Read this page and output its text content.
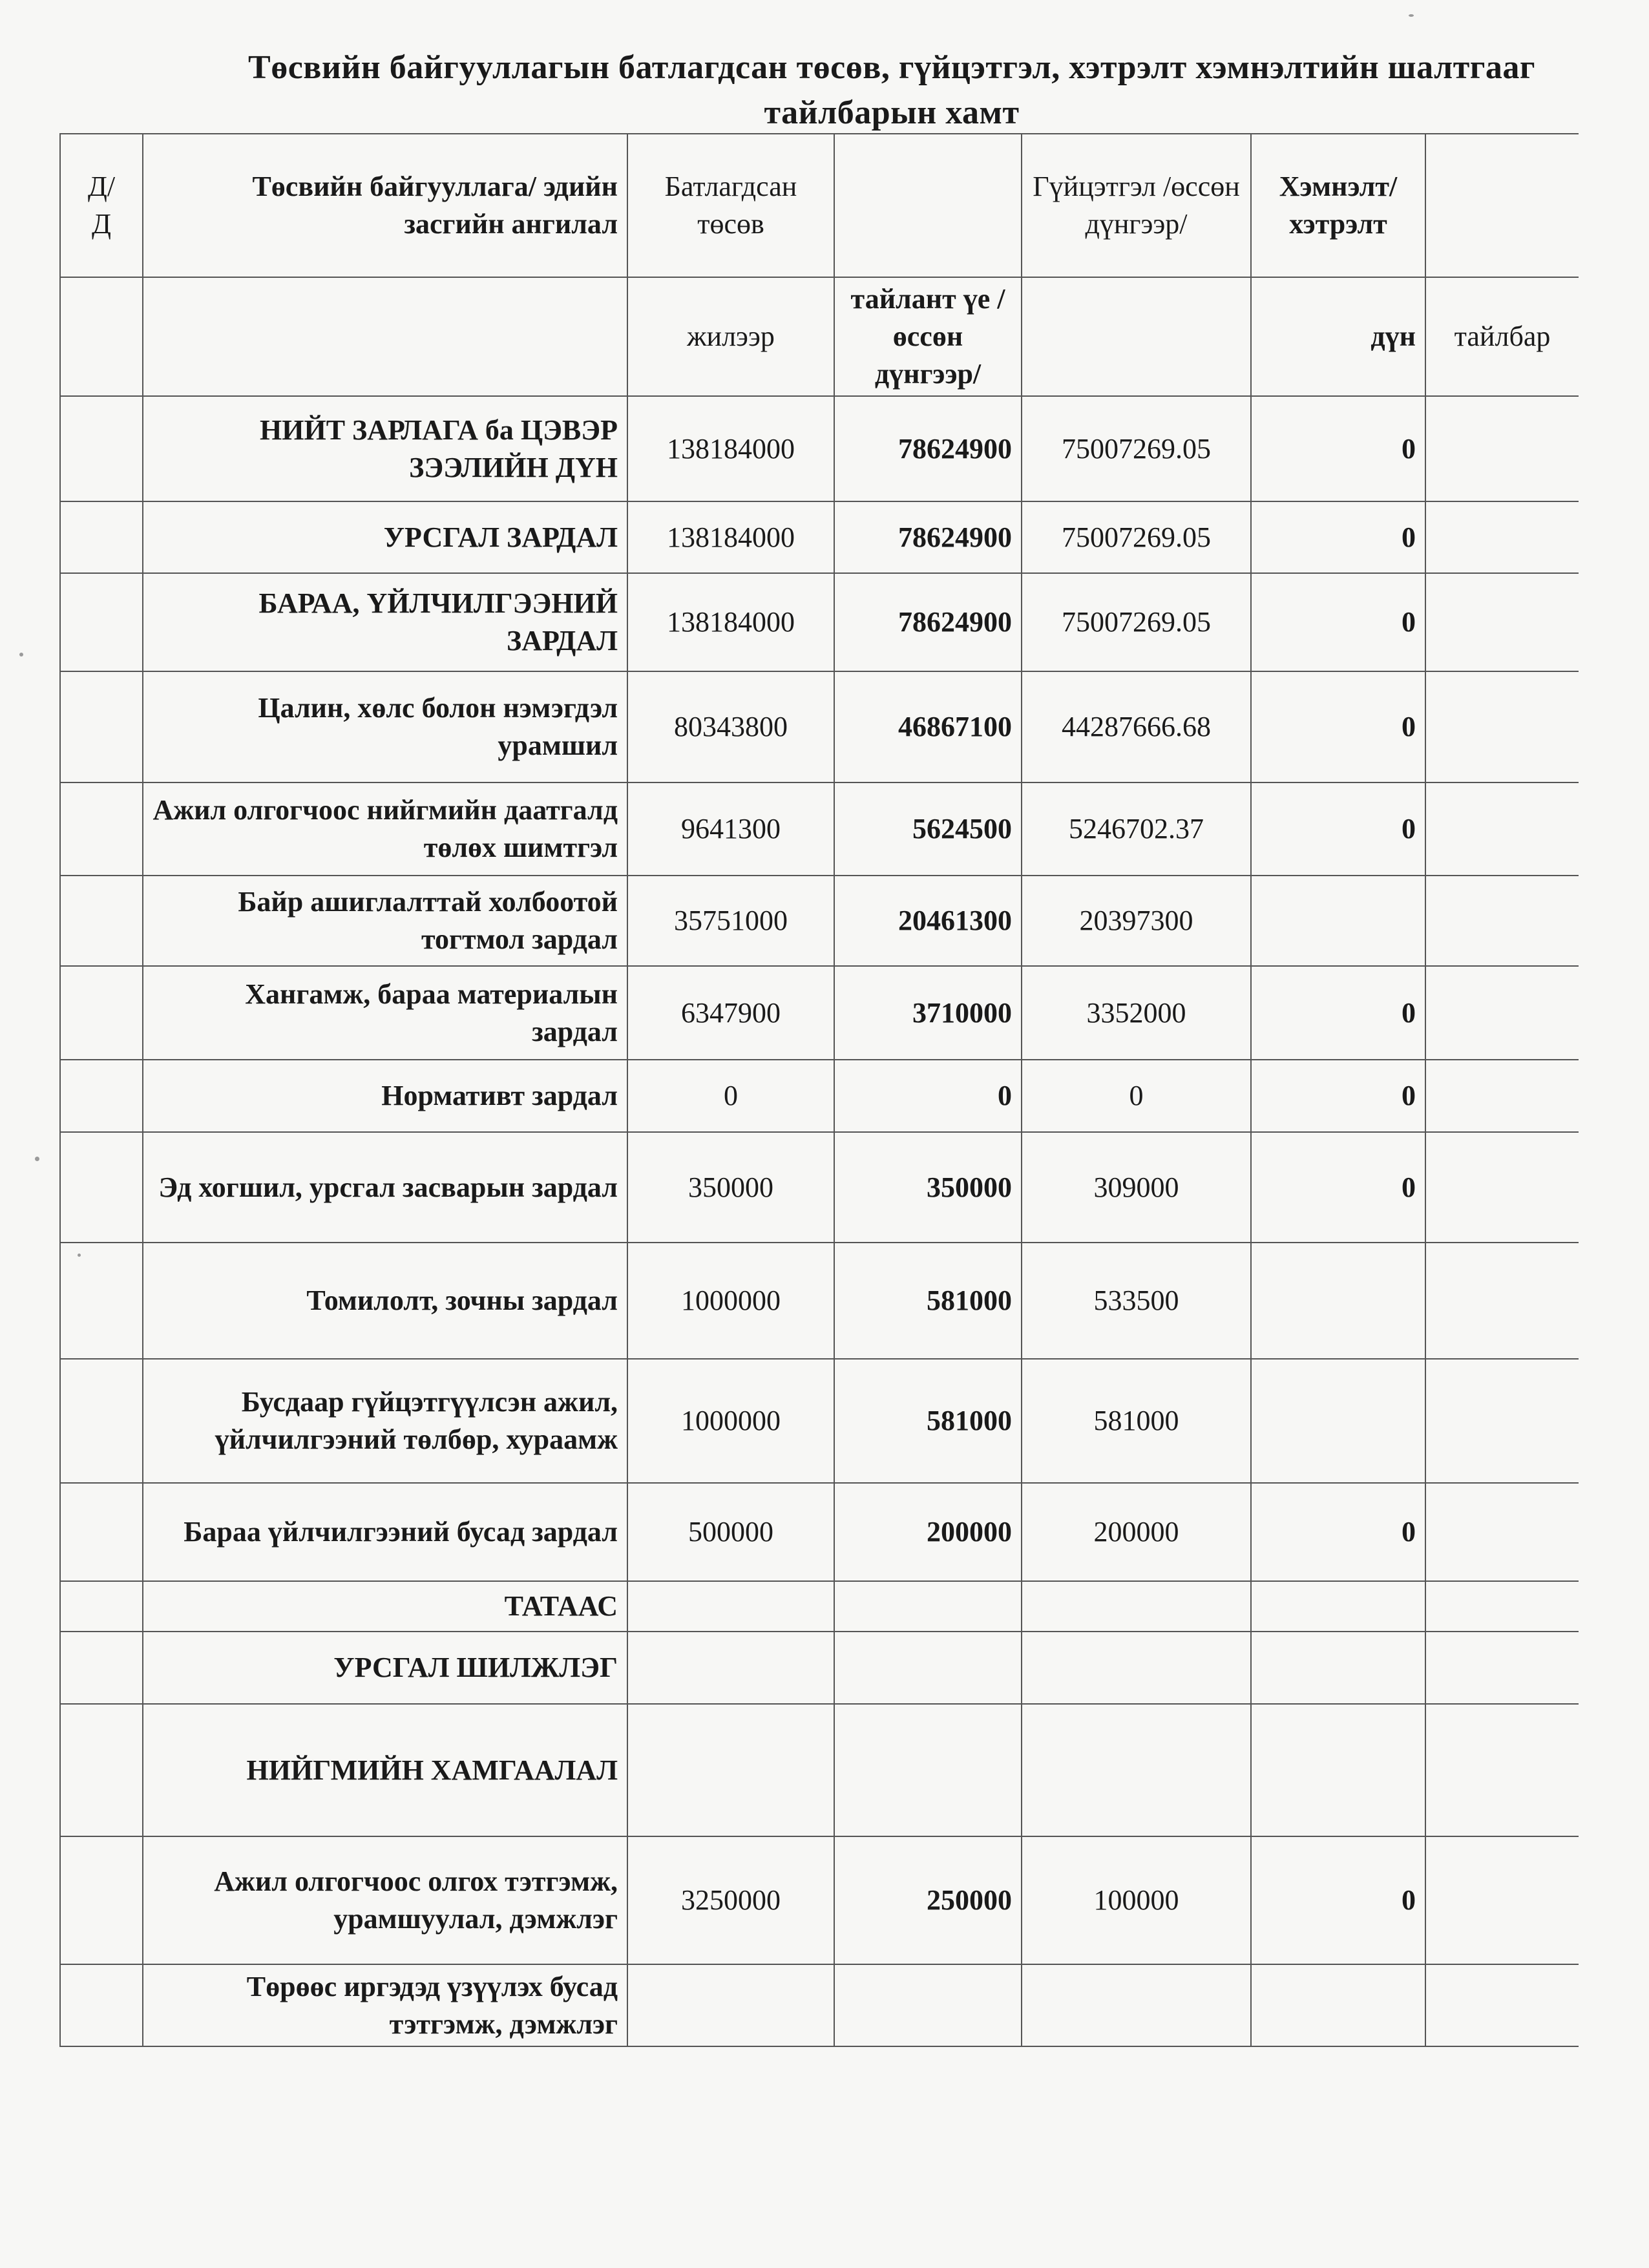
Төсвийн байгууллагын батлагдсан төсөв, гүйцэтгэл, хэтрэлт хэмнэлтийн шалтгааг
тайлбарын хамт
Д/
Д	Төсвийн байгууллага/ эдийн засгийн ангилал	Батлагдсан төсөв		Гүйцэтгэл /өссөн дүнгээр/	Хэмнэлт/ хэтрэлт	
		жилээр	тайлант үе /өссөн дүнгээр/		дүн	тайлбар
	НИЙТ ЗАРЛАГА ба ЦЭВЭР ЗЭЭЛИЙН ДҮН	138184000	78624900	75007269.05	0	
	УРСГАЛ ЗАРДАЛ	138184000	78624900	75007269.05	0	
	БАРАА, ҮЙЛЧИЛГЭЭНИЙ ЗАРДАЛ	138184000	78624900	75007269.05	0	
	Цалин, хөлс болон нэмэгдэл урамшил	80343800	46867100	44287666.68	0	
	Ажил олгогчоос нийгмийн даатгалд төлөх шимтгэл	9641300	5624500	5246702.37	0	
	Байр ашиглалттай холбоотой тогтмол зардал	35751000	20461300	20397300		
	Хангамж, бараа материалын зардал	6347900	3710000	3352000	0	
	Нормативт зардал	0	0	0	0	
	Эд хогшил, урсгал засварын зардал	350000	350000	309000	0	
	Томилолт, зочны зардал	1000000	581000	533500		
	Бусдаар гүйцэтгүүлсэн ажил, үйлчилгээний төлбөр, хураамж	1000000	581000	581000		
	Бараа үйлчилгээний бусад зардал	500000	200000	200000	0	
	ТАТААС					
	УРСГАЛ ШИЛЖЛЭГ					
	НИЙГМИЙН ХАМГААЛАЛ					
	Ажил олгогчоос олгох тэтгэмж, урамшуулал, дэмжлэг	3250000	250000	100000	0	
	Төрөөс иргэдэд үзүүлэх бусад тэтгэмж, дэмжлэг					
